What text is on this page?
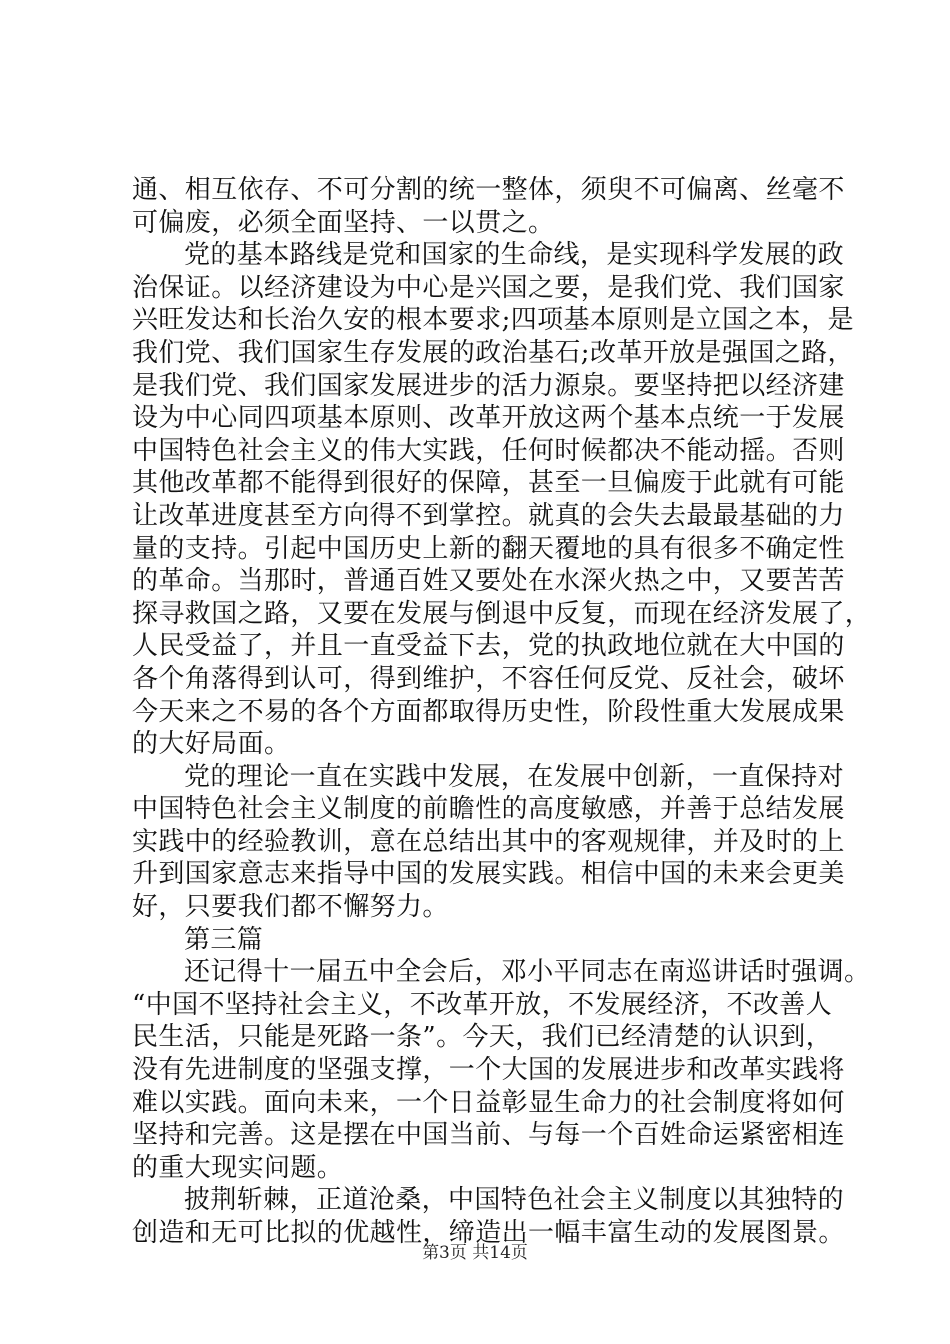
通、相互依存、不可分割的统一整体，须臾不可偏离、丝毫不
可偏废，必须全面坚持、一以贯之。
党的基本路线是党和国家的生命线，是实现科学发展的政
治保证。以经济建设为中心是兴国之要，是我们党、我们国家
兴旺发达和长治久安的根本要求;四项基本原则是立国之本，是
我们党、我们国家生存发展的政治基石;改革开放是强国之路，
是我们党、我们国家发展进步的活力源泉。要坚持把以经济建
设为中心同四项基本原则、改革开放这两个基本点统一于发展
中国特色社会主义的伟大实践，任何时候都决不能动摇。否则
其他改革都不能得到很好的保障，甚至一旦偏废于此就有可能
让改革进度甚至方向得不到掌控。就真的会失去最最基础的力
量的支持。引起中国历史上新的翻天覆地的具有很多不确定性
的革命。当那时，普通百姓又要处在水深火热之中，又要苦苦
探寻救国之路，又要在发展与倒退中反复，而现在经济发展了，
人民受益了，并且一直受益下去，党的执政地位就在大中国的
各个角落得到认可，得到维护，不容任何反党、反社会，破坏
今天来之不易的各个方面都取得历史性，阶段性重大发展成果
的大好局面。
党的理论一直在实践中发展，在发展中创新，一直保持对
中国特色社会主义制度的前瞻性的高度敏感，并善于总结发展
实践中的经验教训，意在总结出其中的客观规律，并及时的上
升到国家意志来指导中国的发展实践。相信中国的未来会更美
好，只要我们都不懈努力。
第三篇
还记得十一届五中全会后，邓小平同志在南巡讲话时强调。
“中国不坚持社会主义，不改革开放，不发展经济，不改善人
民生活，只能是死路一条”。今天，我们已经清楚的认识到，
没有先进制度的坚强支撑，一个大国的发展进步和改革实践将
难以实践。面向未来，一个日益彰显生命力的社会制度将如何
坚持和完善。这是摆在中国当前、与每一个百姓命运紧密相连
的重大现实问题。
披荆斩棘，正道沧桑，中国特色社会主义制度以其独特的
创造和无可比拟的优越性，缔造出一幅丰富生动的发展图景。
第3页 共14页
